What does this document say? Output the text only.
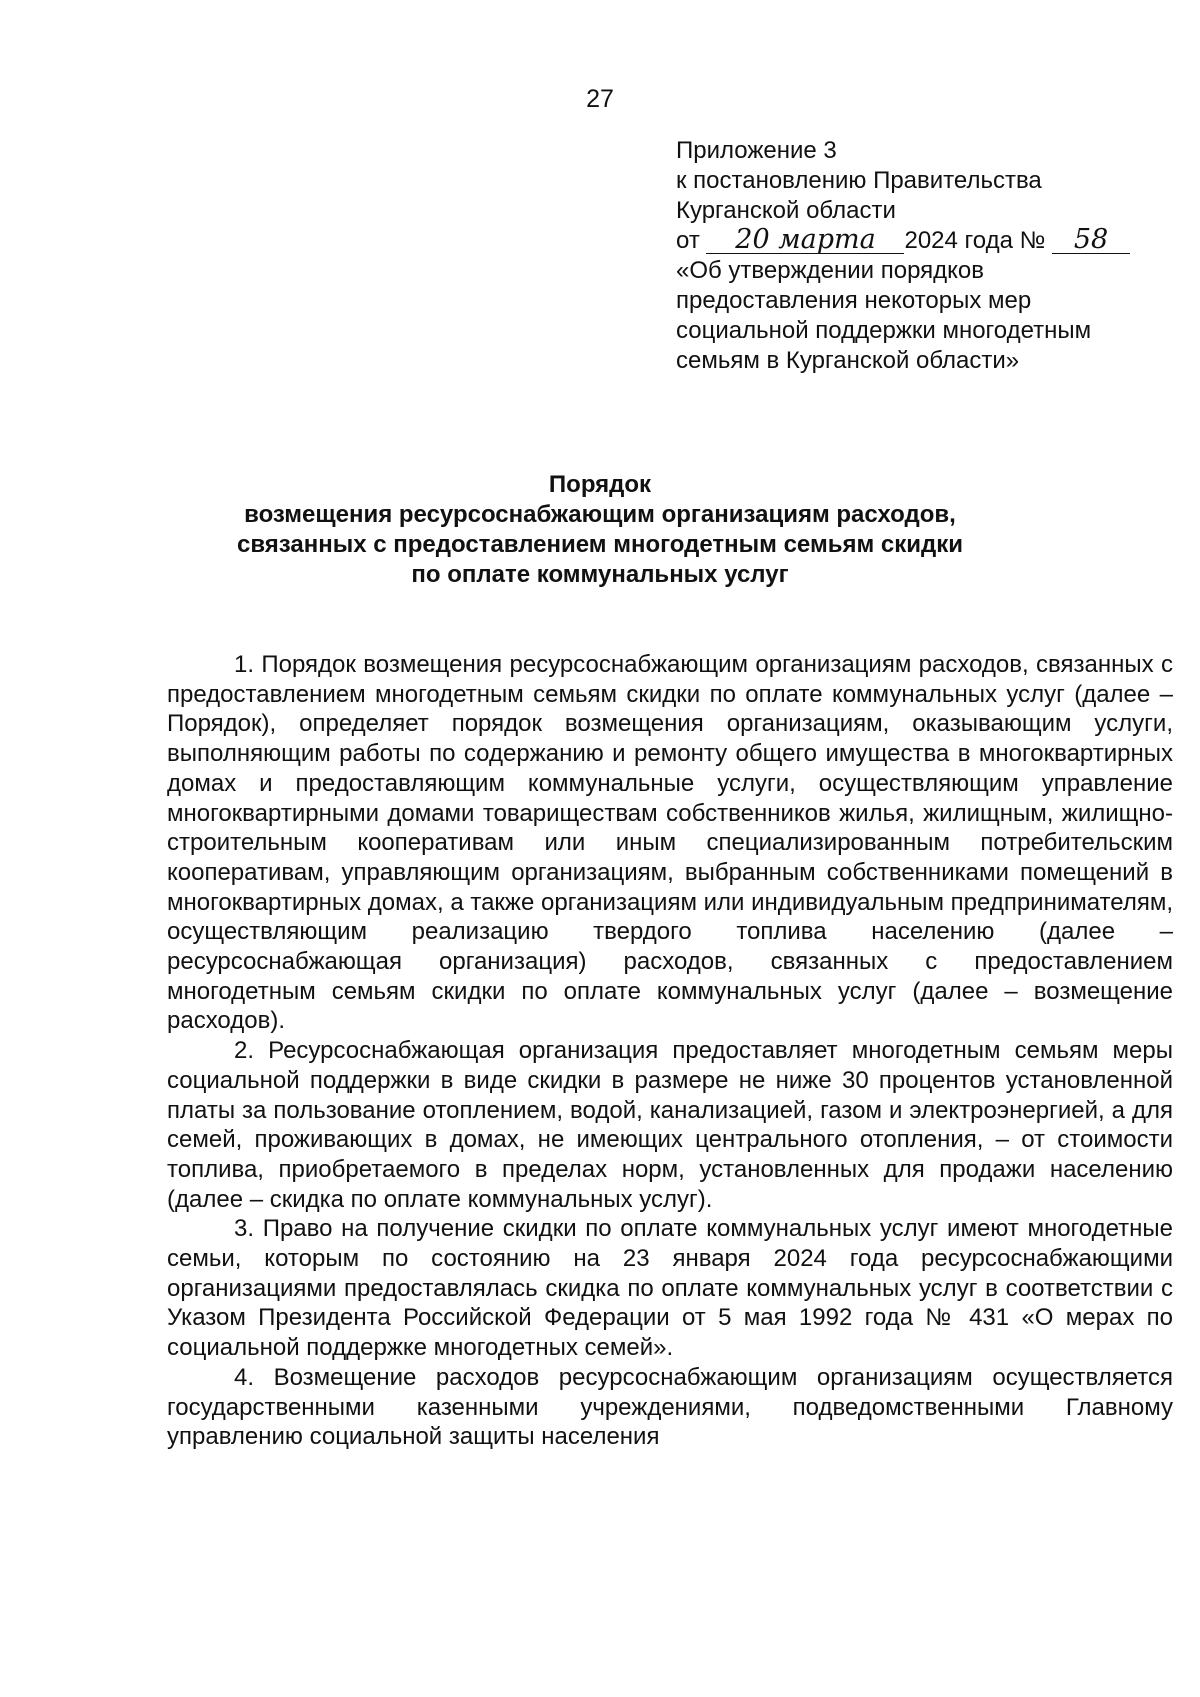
27
Приложение 3
к постановлению Правительства
Курганской области
от 20 марта 2024 года № 58
«Об утверждении порядков
предоставления некоторых мер
социальной поддержки многодетным
семьям в Курганской области»
Порядок
возмещения ресурсоснабжающим организациям расходов,
связанных с предоставлением многодетным семьям скидки
по оплате коммунальных услуг

1. Порядок возмещения ресурсоснабжающим организациям расходов, связанных с предоставлением многодетным семьям скидки по оплате коммунальных услуг (далее – Порядок), определяет порядок возмещения организациям, оказывающим услуги, выполняющим работы по содержанию и ремонту общего имущества в многоквартирных домах и предоставляющим коммунальные услуги, осуществляющим управление многоквартирными домами товариществам собственников жилья, жилищным, жилищно-строительным кооперативам или иным специализированным потребительским кооперативам, управляющим организациям, выбранным собственниками помещений в многоквартирных домах, а также организациям или индивидуальным предпринимателям, осуществляющим реализацию твердого топлива населению (далее – ресурсоснабжающая организация) расходов, связанных с предоставлением многодетным семьям скидки по оплате коммунальных услуг (далее – возмещение расходов).

2. Ресурсоснабжающая организация предоставляет многодетным семьям меры социальной поддержки в виде скидки в размере не ниже 30 процентов установленной платы за пользование отоплением, водой, канализацией, газом и электроэнергией, а для семей, проживающих в домах, не имеющих центрального отопления, – от стоимости топлива, приобретаемого в пределах норм, установленных для продажи населению (далее – скидка по оплате коммунальных услуг).

3. Право на получение скидки по оплате коммунальных услуг имеют многодетные семьи, которым по состоянию на 23 января 2024 года ресурсоснабжающими организациями предоставлялась скидка по оплате коммунальных услуг в соответствии с Указом Президента Российской Федерации от 5 мая 1992 года № 431 «О мерах по социальной поддержке многодетных семей».

4. Возмещение расходов ресурсоснабжающим организациям осуществляется государственными казенными учреждениями, подведомственными Главному управлению социальной защиты населения
